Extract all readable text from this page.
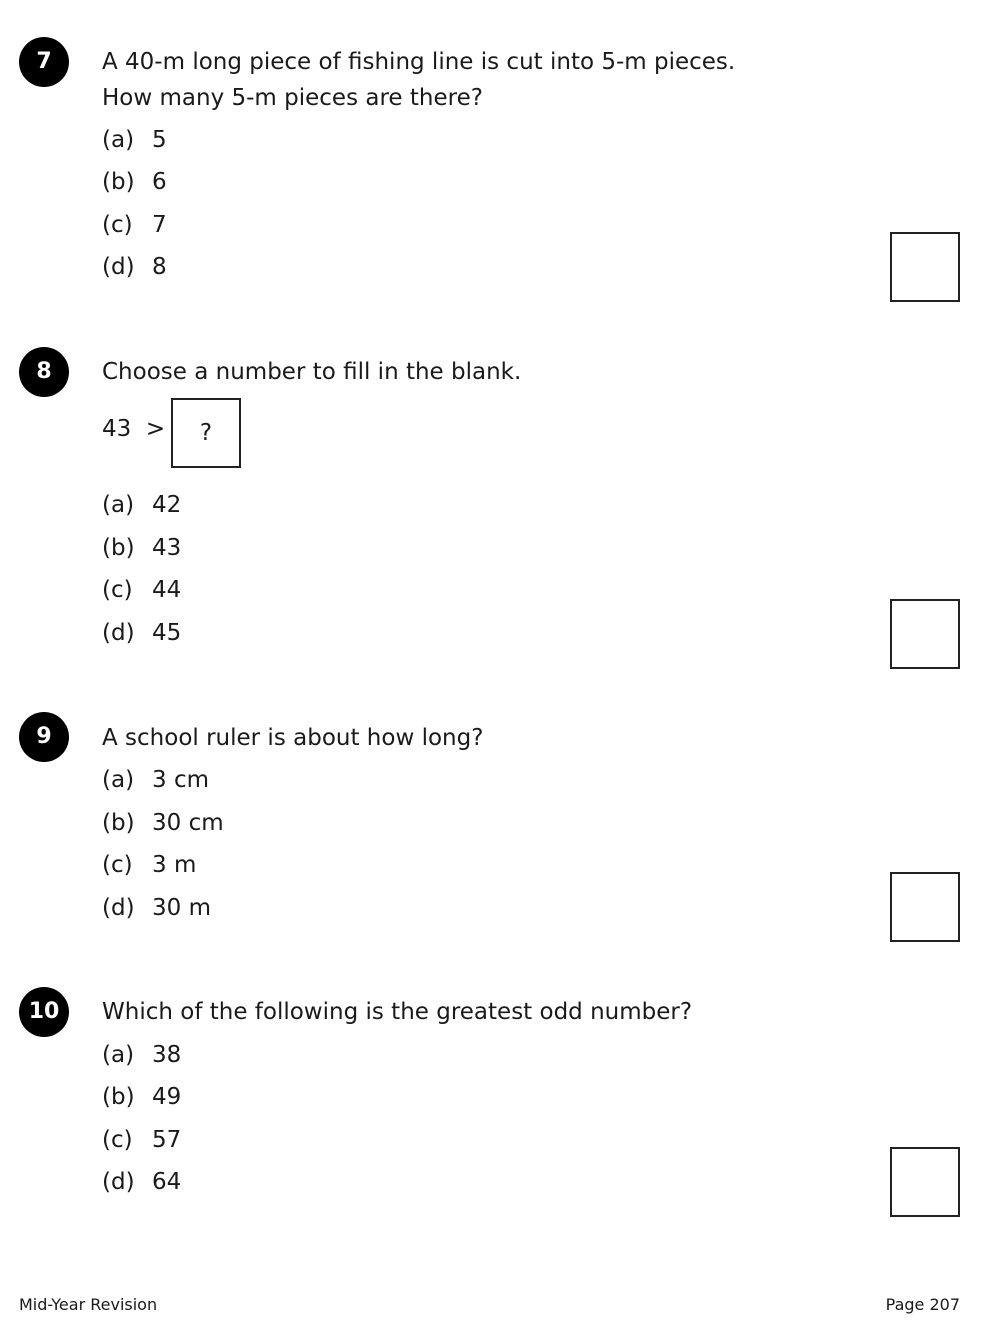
7	A 40-m long piece of fishing line is cut into 5-m pieces.
How many 5-m pieces are there?
(a) 5
(b) 6
(c) 7
(d) 8
8	Choose a number to fill in the blank.
43  >	?
(a) 42
(b) 43
(c) 44
(d) 45
9	A school ruler is about how long?
(a) 3 cm
(b) 30 cm
(c) 3 m
(d) 30 m
10	Which of the following is the greatest odd number?
(a) 38
(b) 49
(c) 57
(d) 64
Mid-Year Revision	Page 207
